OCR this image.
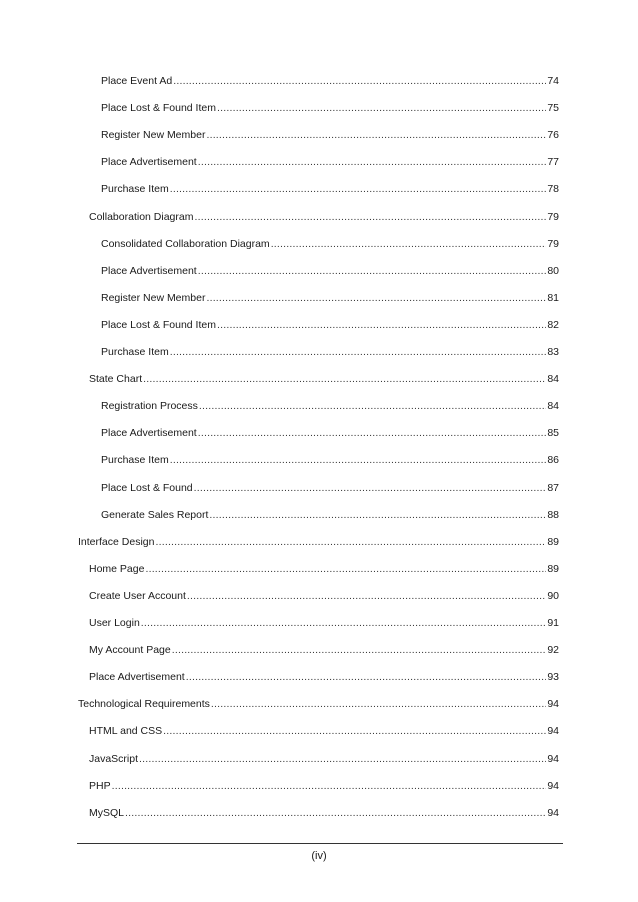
Place Event Ad .....	74
Place Lost & Found Item .....	75
Register New Member .....	76
Place Advertisement .....	77
Purchase Item .....	78
Collaboration Diagram .....	79
Consolidated Collaboration Diagram .....	79
Place Advertisement .....	80
Register New Member .....	81
Place Lost & Found Item .....	82
Purchase Item .....	83
State Chart .....	84
Registration Process .....	84
Place Advertisement .....	85
Purchase Item .....	86
Place Lost & Found .....	87
Generate Sales Report .....	88
Interface Design .....	89
Home Page .....	89
Create User Account .....	90
User Login .....	91
My Account Page .....	92
Place Advertisement .....	93
Technological Requirements .....	94
HTML and CSS .....	94
JavaScript .....	94
PHP .....	94
MySQL .....	94
(iv)
